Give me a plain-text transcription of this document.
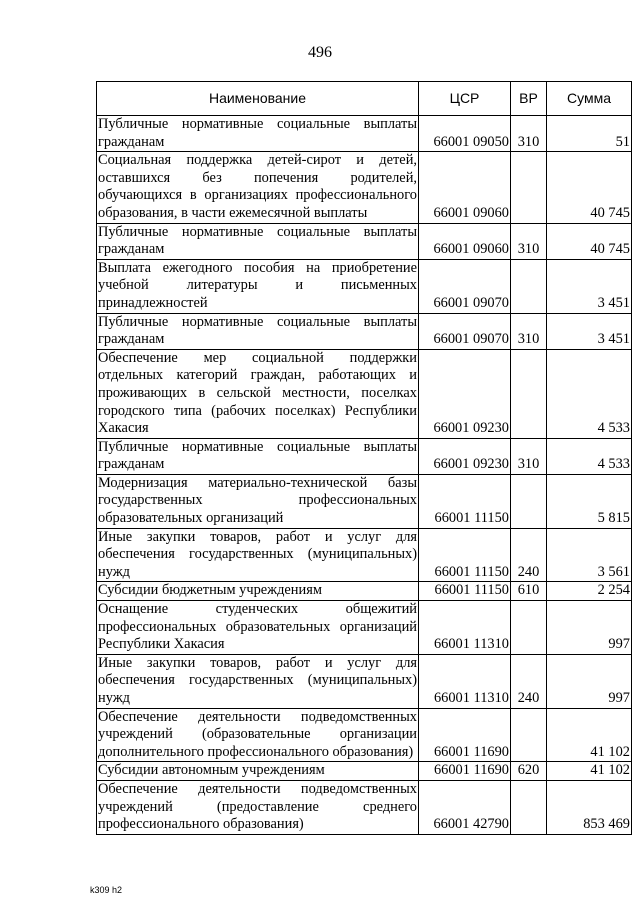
496
Наименование	ЦСР	ВР	Сумма
Публичные нормативные социальные выплаты гражданам	66001 09050	310	51
Социальная поддержка детей-сирот и детей, оставшихся без попечения родителей, обучающихся в организациях профессионального образования, в части ежемесячной выплаты	66001 09060		40 745
Публичные нормативные социальные выплаты гражданам	66001 09060	310	40 745
Выплата ежегодного пособия на приобретение учебной литературы и письменных принадлежностей	66001 09070		3 451
Публичные нормативные социальные выплаты гражданам	66001 09070	310	3 451
Обеспечение мер социальной поддержки отдельных категорий граждан, работающих и проживающих в сельской местности, поселках городского типа (рабочих поселках) Республики Хакасия	66001 09230		4 533
Публичные нормативные социальные выплаты гражданам	66001 09230	310	4 533
Модернизация материально-технической базы государственных профессиональных образовательных организаций	66001 11150		5 815
Иные закупки товаров, работ и услуг для обеспечения государственных (муниципальных) нужд	66001 11150	240	3 561
Субсидии бюджетным учреждениям	66001 11150	610	2 254
Оснащение студенческих общежитий профессиональных образовательных организаций Республики Хакасия	66001 11310		997
Иные закупки товаров, работ и услуг для обеспечения государственных (муниципальных) нужд	66001 11310	240	997
Обеспечение деятельности подведомственных учреждений (образовательные организации дополнительного профессионального образования)	66001 11690		41 102
Субсидии автономным учреждениям	66001 11690	620	41 102
Обеспечение деятельности подведомственных учреждений (предоставление среднего профессионального образования)	66001 42790		853 469
k309 h2
